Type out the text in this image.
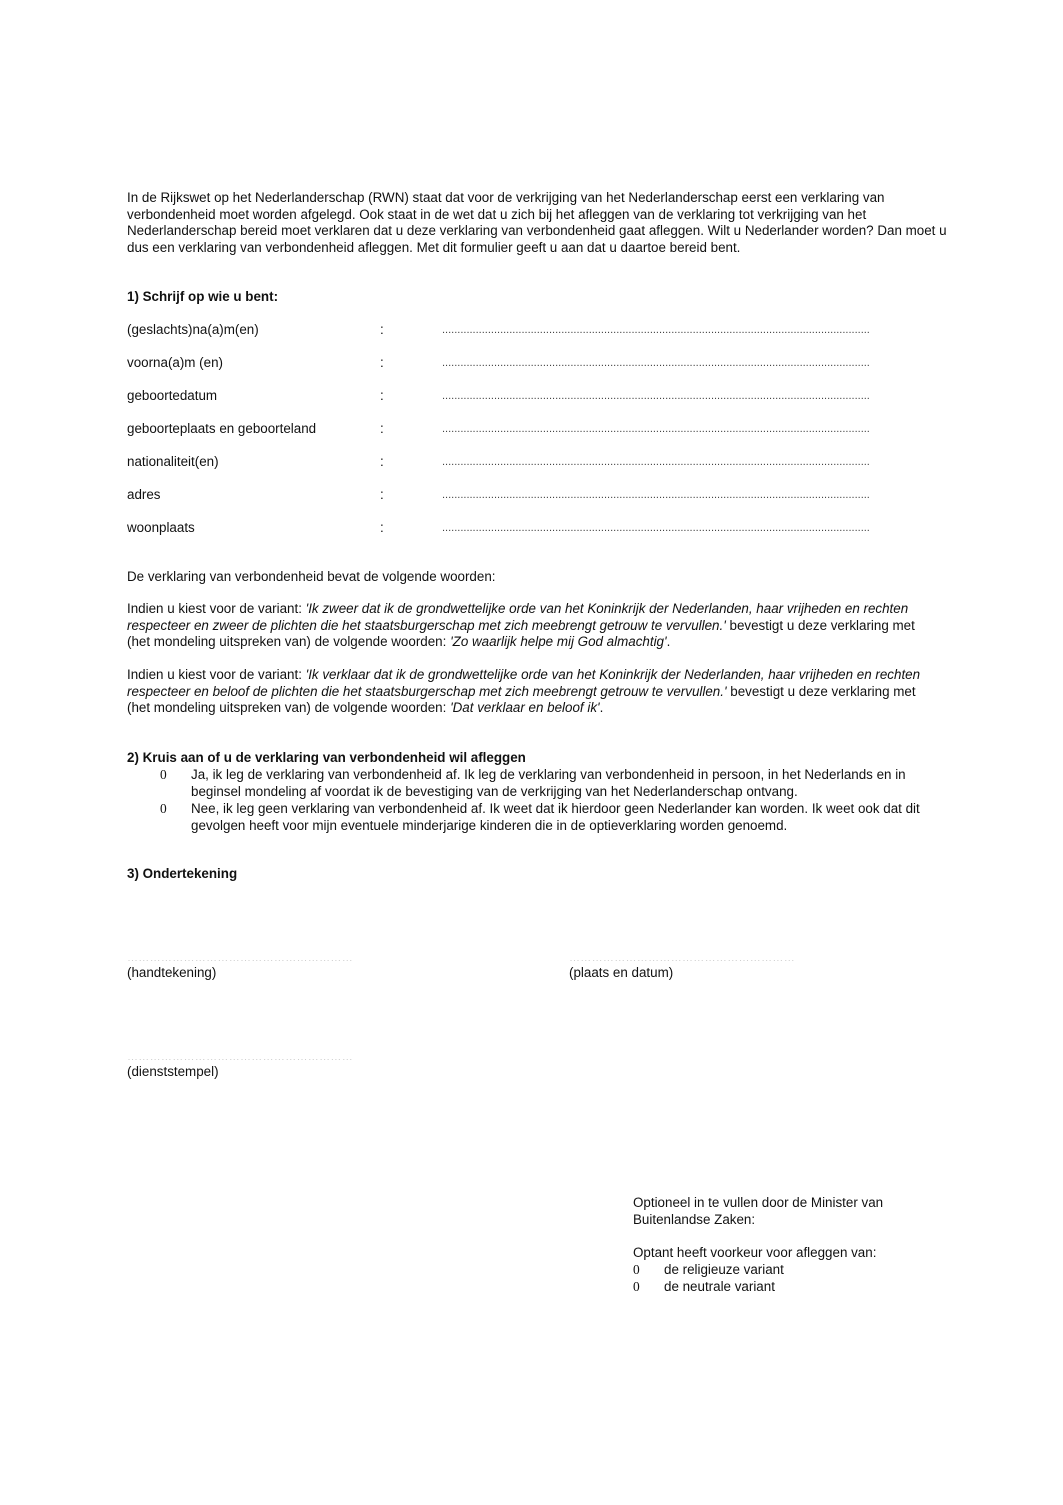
In de Rijkswet op het Nederlanderschap (RWN) staat dat voor de verkrijging van het Nederlanderschap eerst een verklaring van verbondenheid moet worden afgelegd. Ook staat in de wet dat u zich bij het afleggen van de verklaring tot verkrijging van het Nederlanderschap bereid moet verklaren dat u deze verklaring van verbondenheid gaat afleggen. Wilt u Nederlander worden? Dan moet u dus een verklaring van verbondenheid afleggen. Met dit formulier geeft u aan dat u daartoe bereid bent.
1) Schrijf op wie u bent:
(geslachts)na(a)m(en)	:	............................................................................................................................................
voorna(a)m (en)	:	............................................................................................................................................
geboortedatum	:	............................................................................................................................................
geboorteplaats en geboorteland	:	............................................................................................................................................
nationaliteit(en)	:	............................................................................................................................................
adres	:	............................................................................................................................................
woonplaats	:	............................................................................................................................................
De verklaring van verbondenheid bevat de volgende woorden:
Indien u kiest voor de variant: 'Ik zweer dat ik de grondwettelijke orde van het Koninkrijk der Nederlanden, haar vrijheden en rechten respecteer en zweer de plichten die het staatsburgerschap met zich meebrengt getrouw te vervullen.' bevestigt u deze verklaring met (het mondeling uitspreken van) de volgende woorden: 'Zo waarlijk helpe mij God almachtig'.
Indien u kiest voor de variant: 'Ik verklaar dat ik de grondwettelijke orde van het Koninkrijk der Nederlanden, haar vrijheden en rechten respecteer en beloof de plichten die het staatsburgerschap met zich meebrengt getrouw te vervullen.' bevestigt u deze verklaring met (het mondeling uitspreken van) de volgende woorden: 'Dat verklaar en beloof ik'.
2) Kruis aan of u de verklaring van verbondenheid wil afleggen
0 Ja, ik leg de verklaring van verbondenheid af. Ik leg de verklaring van verbondenheid in persoon, in het Nederlands en in beginsel mondeling af voordat ik de bevestiging van de verkrijging van het Nederlanderschap ontvang.
0 Nee, ik leg geen verklaring van verbondenheid af. Ik weet dat ik hierdoor geen Nederlander kan worden. Ik weet ook dat dit gevolgen heeft voor mijn eventuele minderjarige kinderen die in de optieverklaring worden genoemd.
3) Ondertekening
……………………………………………………
(handtekening)
……………………………………………………
(plaats en datum)
……………………………………………………
(dienststempel)
Optioneel in te vullen door de Minister van
Buitenlandse Zaken:
Optant heeft voorkeur voor afleggen van:
0 de religieuze variant
0 de neutrale variant
